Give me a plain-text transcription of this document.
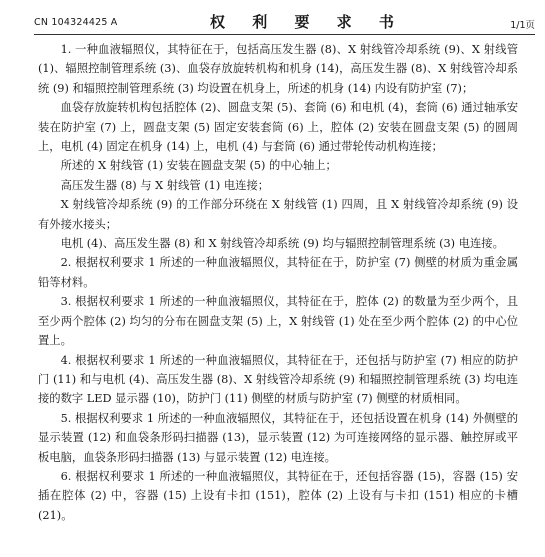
CN 104324425 A	权 利 要 求 书	1/1页

1. 一种血液辐照仪，其特征在于，包括高压发生器 (8)、X 射线管冷却系统 (9)、X 射线管 (1)、辐照控制管理系统 (3)、血袋存放旋转机构和机身 (14)，高压发生器 (8)、X 射线管冷却系统 (9) 和辐照控制管理系统 (3) 均设置在机身上，所述的机身 (14) 内设有防护室 (7)；

血袋存放旋转机构包括腔体 (2)、圆盘支架 (5)、套筒 (6) 和电机 (4)，套筒 (6) 通过轴承安装在防护室 (7) 上，圆盘支架 (5) 固定安装套筒 (6) 上，腔体 (2) 安装在圆盘支架 (5) 的圆周上，电机 (4) 固定在机身 (14) 上，电机 (4) 与套筒 (6) 通过带轮传动机构连接；

所述的 X 射线管 (1) 安装在圆盘支架 (5) 的中心轴上；

高压发生器 (8) 与 X 射线管 (1) 电连接；

X 射线管冷却系统 (9) 的工作部分环绕在 X 射线管 (1) 四周，且 X 射线管冷却系统 (9) 设有外接水接头；

电机 (4)、高压发生器 (8) 和 X 射线管冷却系统 (9) 均与辐照控制管理系统 (3) 电连接。

2. 根据权利要求 1 所述的一种血液辐照仪，其特征在于，防护室 (7) 侧壁的材质为重金属铅等材料。

3. 根据权利要求 1 所述的一种血液辐照仪，其特征在于，腔体 (2) 的数量为至少两个，且至少两个腔体 (2) 均匀的分布在圆盘支架 (5) 上，X 射线管 (1) 处在至少两个腔体 (2) 的中心位置上。

4. 根据权利要求 1 所述的一种血液辐照仪，其特征在于，还包括与防护室 (7) 相应的防护门 (11) 和与电机 (4)、高压发生器 (8)、X 射线管冷却系统 (9) 和辐照控制管理系统 (3) 均电连接的数字 LED 显示器 (10)，防护门 (11) 侧壁的材质与防护室 (7) 侧壁的材质相同。

5. 根据权利要求 1 所述的一种血液辐照仪，其特征在于，还包括设置在机身 (14) 外侧壁的显示装置 (12) 和血袋条形码扫描器 (13)，显示装置 (12) 为可连接网络的显示器、触控屏或平板电脑，血袋条形码扫描器 (13) 与显示装置 (12) 电连接。

6. 根据权利要求 1 所述的一种血液辐照仪，其特征在于，还包括容器 (15)，容器 (15) 安插在腔体 (2) 中，容器 (15) 上设有卡扣 (151)，腔体 (2) 上设有与卡扣 (151) 相应的卡槽 (21)。
